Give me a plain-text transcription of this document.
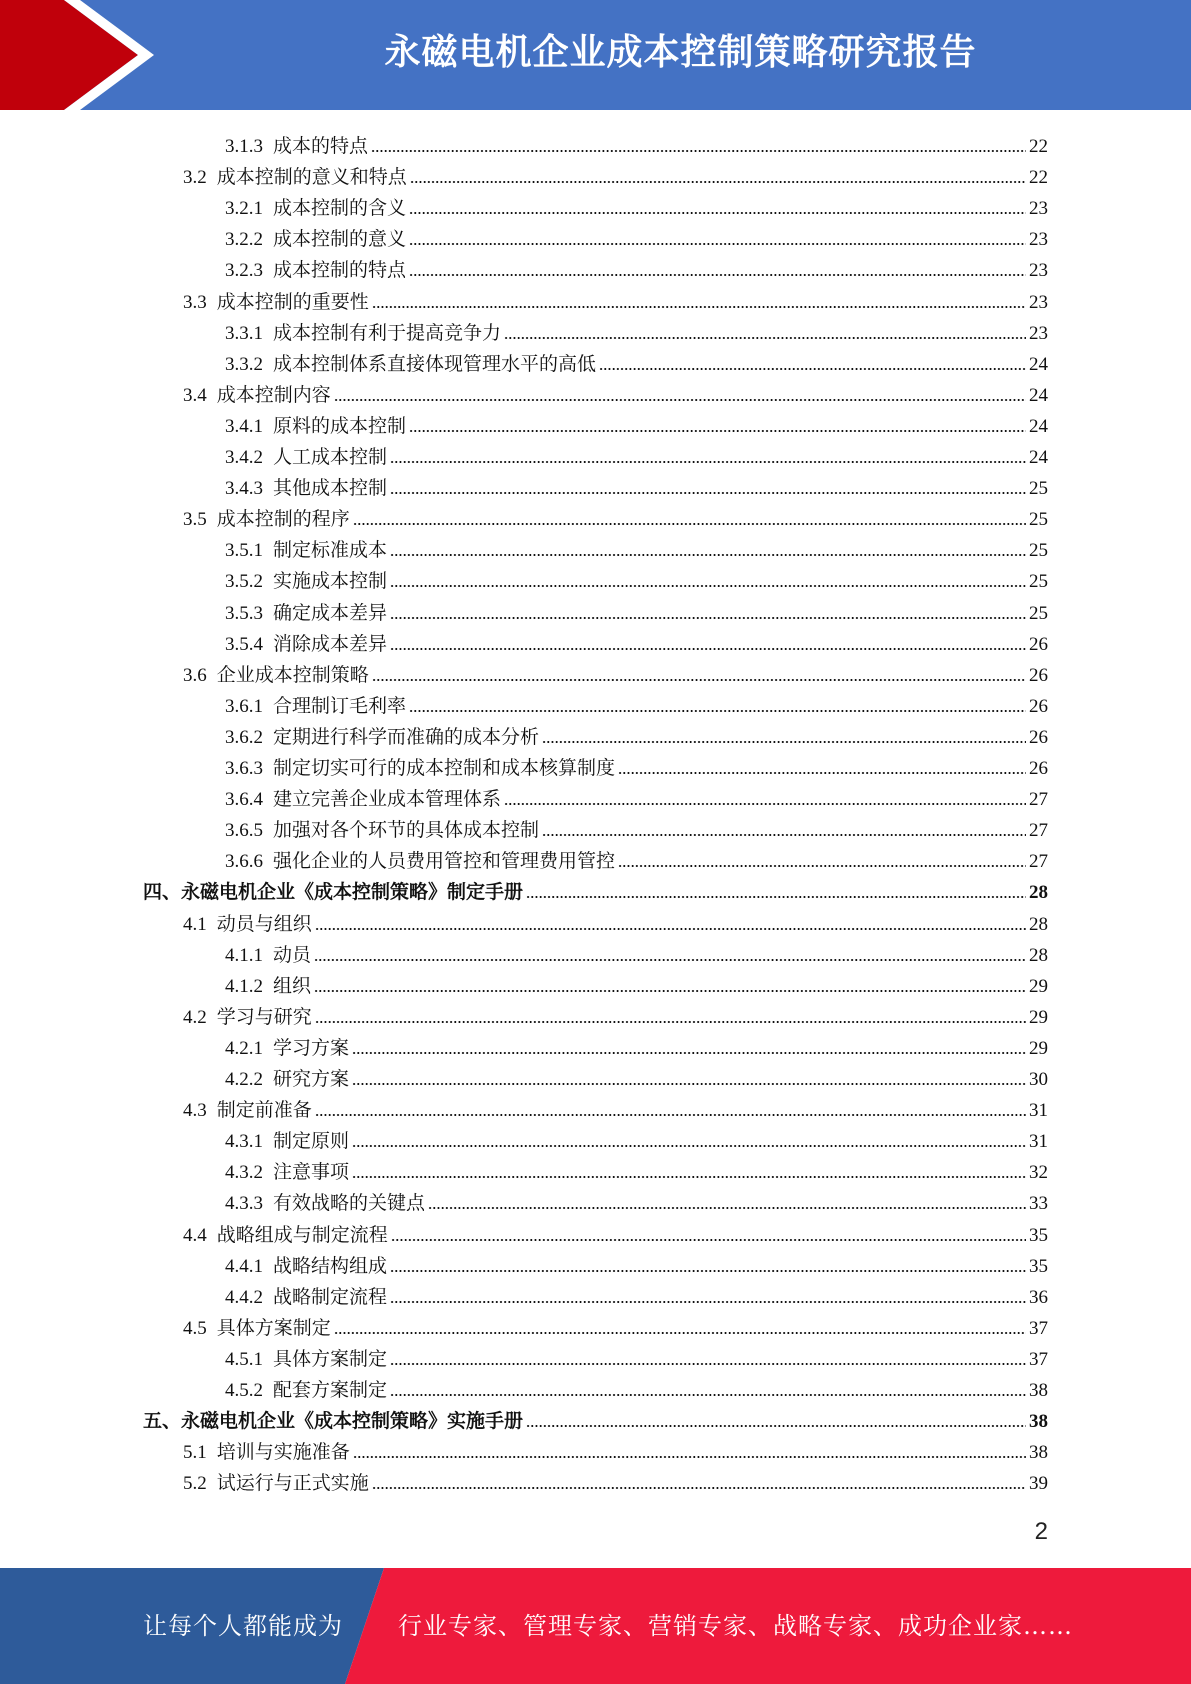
永磁电机企业成本控制策略研究报告
3.1.3 成本的特点	22
3.2 成本控制的意义和特点	22
3.2.1 成本控制的含义	23
3.2.2 成本控制的意义	23
3.2.3 成本控制的特点	23
3.3 成本控制的重要性	23
3.3.1 成本控制有利于提高竞争力	23
3.3.2 成本控制体系直接体现管理水平的高低	24
3.4 成本控制内容	24
3.4.1 原料的成本控制	24
3.4.2 人工成本控制	24
3.4.3 其他成本控制	25
3.5 成本控制的程序	25
3.5.1 制定标准成本	25
3.5.2 实施成本控制	25
3.5.3 确定成本差异	25
3.5.4 消除成本差异	26
3.6 企业成本控制策略	26
3.6.1 合理制订毛利率	26
3.6.2 定期进行科学而准确的成本分析	26
3.6.3 制定切实可行的成本控制和成本核算制度	26
3.6.4 建立完善企业成本管理体系	27
3.6.5 加强对各个环节的具体成本控制	27
3.6.6 强化企业的人员费用管控和管理费用管控	27
四、永磁电机企业《成本控制策略》制定手册	28
4.1 动员与组织	28
4.1.1 动员	28
4.1.2 组织	29
4.2 学习与研究	29
4.2.1 学习方案	29
4.2.2 研究方案	30
4.3 制定前准备	31
4.3.1 制定原则	31
4.3.2 注意事项	32
4.3.3 有效战略的关键点	33
4.4 战略组成与制定流程	35
4.4.1 战略结构组成	35
4.4.2 战略制定流程	36
4.5 具体方案制定	37
4.5.1 具体方案制定	37
4.5.2 配套方案制定	38
五、永磁电机企业《成本控制策略》实施手册	38
5.1 培训与实施准备	38
5.2 试运行与正式实施	39
2
让每个人都能成为 行业专家、管理专家、营销专家、战略专家、成功企业家……
